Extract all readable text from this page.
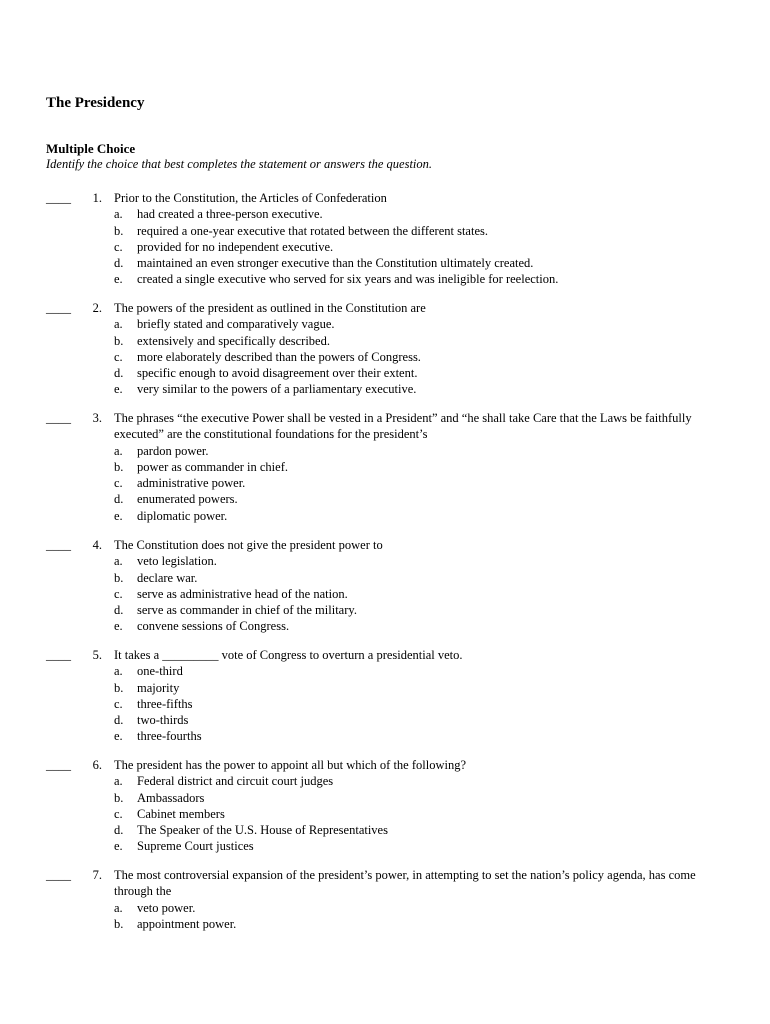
The Presidency
Multiple Choice
Identify the choice that best completes the statement or answers the question.
____	1. Prior to the Constitution, the Articles of Confederation
a. had created a three-person executive.
b. required a one-year executive that rotated between the different states.
c. provided for no independent executive.
d. maintained an even stronger executive than the Constitution ultimately created.
e. created a single executive who served for six years and was ineligible for reelection.
____	2. The powers of the president as outlined in the Constitution are
a. briefly stated and comparatively vague.
b. extensively and specifically described.
c. more elaborately described than the powers of Congress.
d. specific enough to avoid disagreement over their extent.
e. very similar to the powers of a parliamentary executive.
____	3. The phrases “the executive Power shall be vested in a President” and “he shall take Care that the Laws be faithfully executed” are the constitutional foundations for the president’s
a. pardon power.
b. power as commander in chief.
c. administrative power.
d. enumerated powers.
e. diplomatic power.
____	4. The Constitution does not give the president power to
a. veto legislation.
b. declare war.
c. serve as administrative head of the nation.
d. serve as commander in chief of the military.
e. convene sessions of Congress.
____	5. It takes a _________ vote of Congress to overturn a presidential veto.
a. one-third
b. majority
c. three-fifths
d. two-thirds
e. three-fourths
____	6. The president has the power to appoint all but which of the following?
a. Federal district and circuit court judges
b. Ambassadors
c. Cabinet members
d. The Speaker of the U.S. House of Representatives
e. Supreme Court justices
____	7. The most controversial expansion of the president’s power, in attempting to set the nation’s policy agenda, has come through the
a. veto power.
b. appointment power.
